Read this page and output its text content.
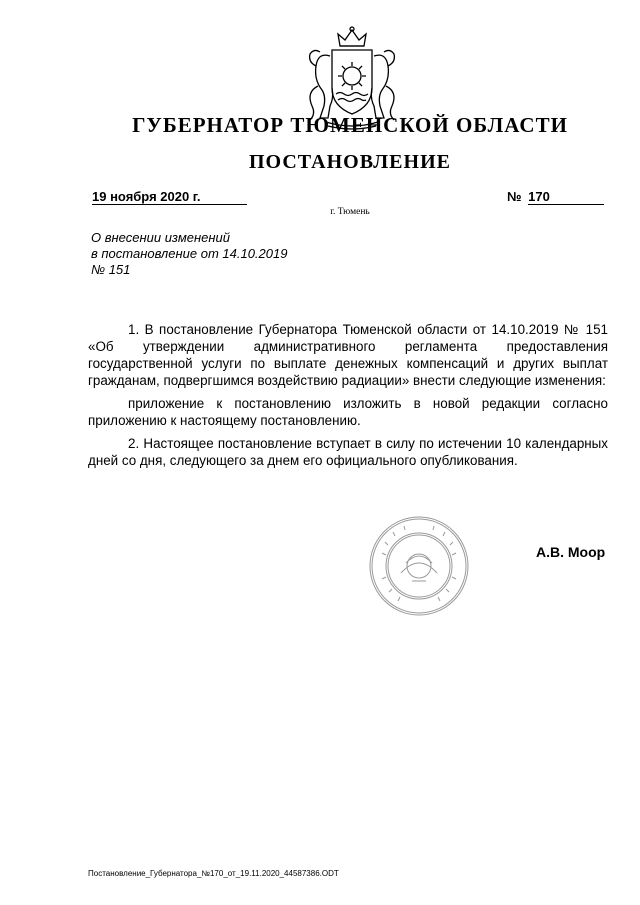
ГУБЕРНАТОР ТЮМЕНСКОЙ ОБЛАСТИ
ПОСТАНОВЛЕНИЕ
19 ноября 2020 г.	№ 170
г. Тюмень
О внесении изменений
в постановление от 14.10.2019
№ 151

1. В постановление Губернатора Тюменской области от 14.10.2019 № 151 «Об утверждении административного регламента предоставления государственной услуги по выплате денежных компенсаций и других выплат гражданам, подвергшимся воздействию радиации» внести следующие изменения:

приложение к постановлению изложить в новой редакции согласно приложению к настоящему постановлению.

2. Настоящее постановление вступает в силу по истечении 10 календарных дней со дня, следующего за днем его официального опубликования.

А.В. Моор
Постановление_Губернатора_№170_от_19.11.2020_44587386.ODT
